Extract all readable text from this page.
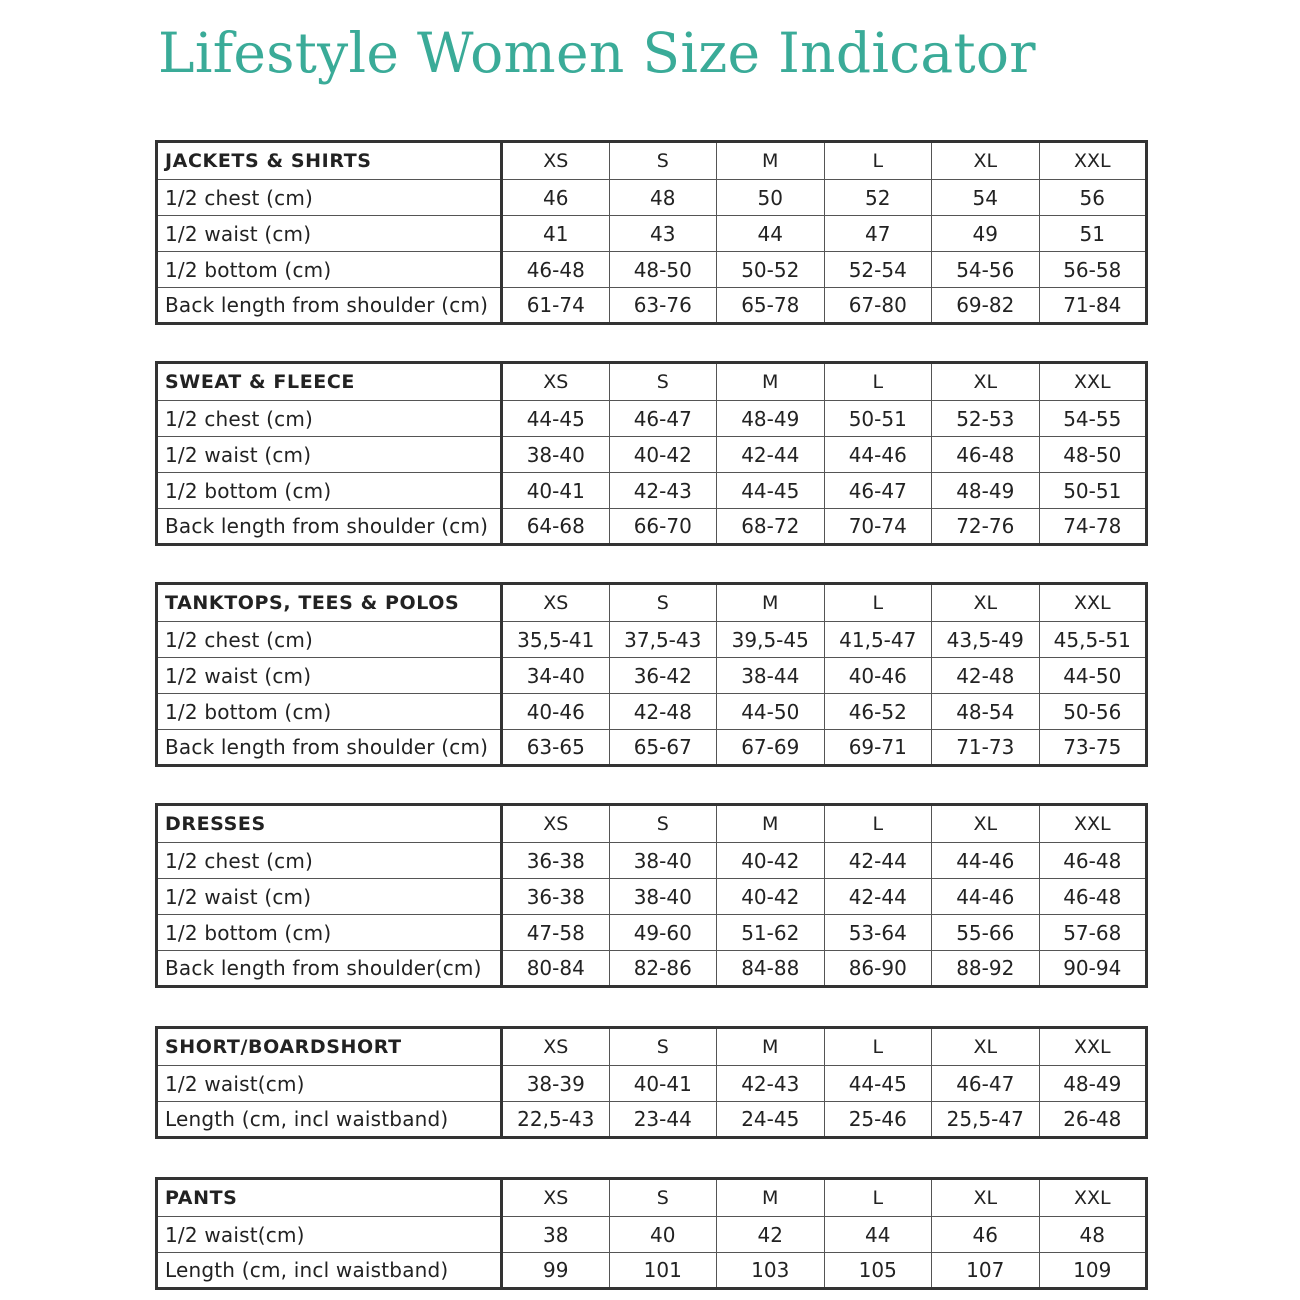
Lifestyle Women Size Indicator
JACKETS & SHIRTS	XS	S	M	L	XL	XXL
1/2 chest (cm)	46	48	50	52	54	56
1/2 waist (cm)	41	43	44	47	49	51
1/2 bottom (cm)	46-48	48-50	50-52	52-54	54-56	56-58
Back length from shoulder (cm)	61-74	63-76	65-78	67-80	69-82	71-84
SWEAT & FLEECE	XS	S	M	L	XL	XXL
1/2 chest (cm)	44-45	46-47	48-49	50-51	52-53	54-55
1/2 waist (cm)	38-40	40-42	42-44	44-46	46-48	48-50
1/2 bottom (cm)	40-41	42-43	44-45	46-47	48-49	50-51
Back length from shoulder (cm)	64-68	66-70	68-72	70-74	72-76	74-78
TANKTOPS, TEES & POLOS	XS	S	M	L	XL	XXL
1/2 chest (cm)	35,5-41	37,5-43	39,5-45	41,5-47	43,5-49	45,5-51
1/2 waist (cm)	34-40	36-42	38-44	40-46	42-48	44-50
1/2 bottom (cm)	40-46	42-48	44-50	46-52	48-54	50-56
Back length from shoulder (cm)	63-65	65-67	67-69	69-71	71-73	73-75
DRESSES	XS	S	M	L	XL	XXL
1/2 chest (cm)	36-38	38-40	40-42	42-44	44-46	46-48
1/2 waist (cm)	36-38	38-40	40-42	42-44	44-46	46-48
1/2 bottom (cm)	47-58	49-60	51-62	53-64	55-66	57-68
Back length from shoulder(cm)	80-84	82-86	84-88	86-90	88-92	90-94
SHORT/BOARDSHORT	XS	S	M	L	XL	XXL
1/2 waist(cm)	38-39	40-41	42-43	44-45	46-47	48-49
Length (cm, incl waistband)	22,5-43	23-44	24-45	25-46	25,5-47	26-48
PANTS	XS	S	M	L	XL	XXL
1/2 waist(cm)	38	40	42	44	46	48
Length (cm, incl waistband)	99	101	103	105	107	109
